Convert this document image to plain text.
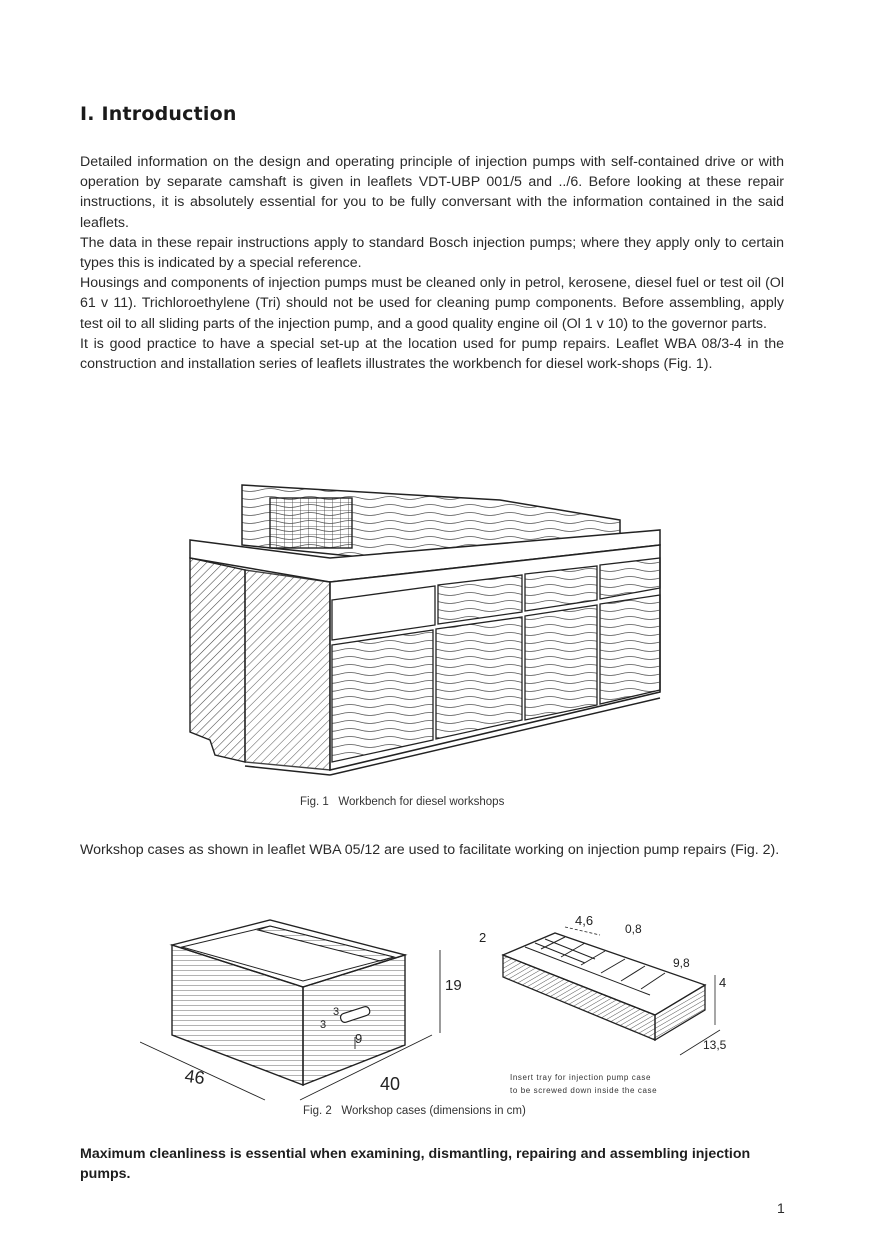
I. Introduction

Detailed information on the design and operating principle of injection pumps with self-contained drive or with operation by separate camshaft is given in leaflets VDT-UBP 001/5 and ../6. Before looking at these repair instructions, it is absolutely essential for you to be fully conversant with the information contained in the said leaflets.

The data in these repair instructions apply to standard Bosch injection pumps; where they apply only to certain types this is indicated by a special reference.

Housings and components of injection pumps must be cleaned only in petrol, kerosene, diesel fuel or test oil (Ol 61 v 11). Trichloroethylene (Tri) should not be used for cleaning pump components. Before assembling, apply test oil to all sliding parts of the injection pump, and a good quality engine oil (Ol 1 v 10) to the governor parts.

It is good practice to have a special set-up at the location used for pump repairs. Leaflet WBA 08/3-4 in the construction and installation series of leaflets illustrates the workbench for diesel work-shops (Fig. 1).

Fig. 1   Workbench for diesel workshops
Workshop cases as shown in leaflet WBA 05/12 are used to facilitate working on injection pump repairs (Fig. 2).
46	40
19
9
3
3
4,6
0,8
2
9,8
4
13,5
Insert tray for injection pump case
to be screwed down inside the case
Fig. 2   Workshop cases (dimensions in cm)
Maximum cleanliness is essential when examining, dismantling, repairing and assembling injection pumps.
1
